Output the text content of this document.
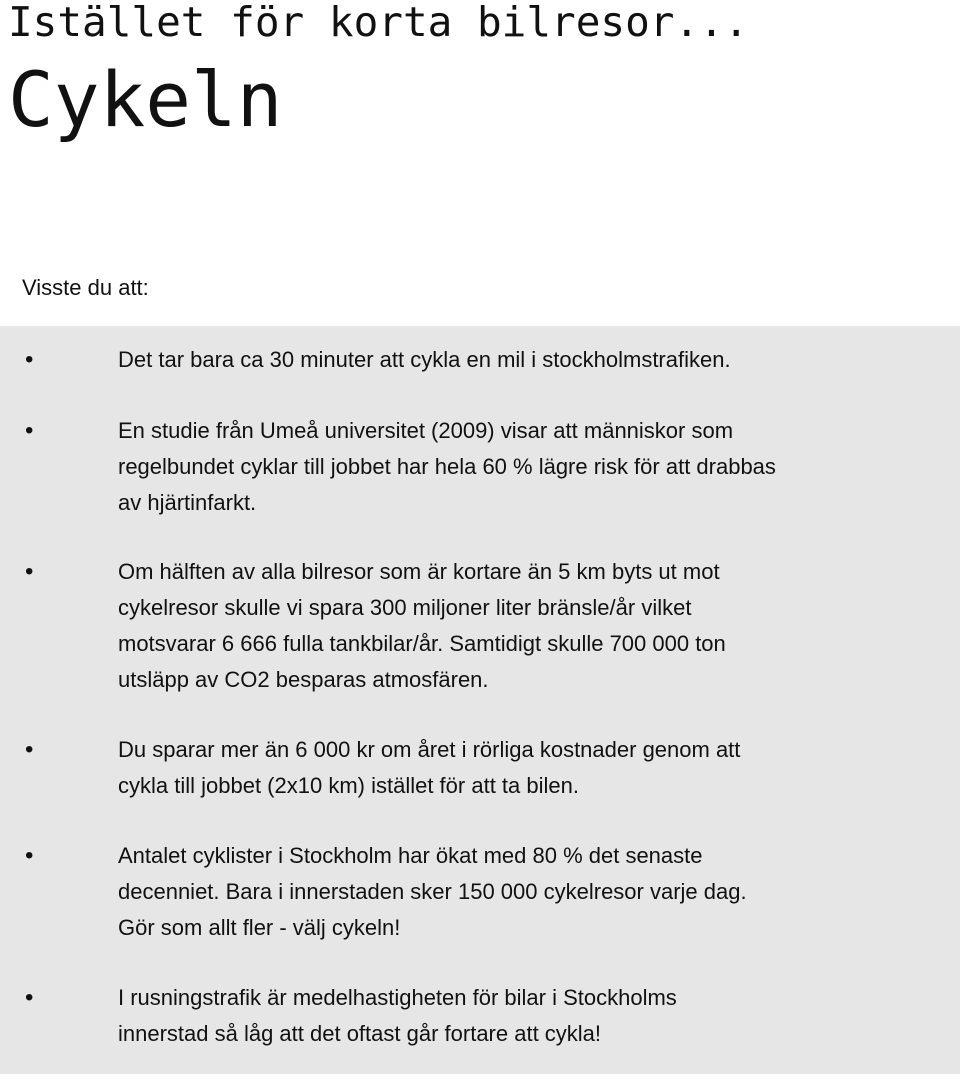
Istället för korta bilresor...
Cykeln
Visste du att:
•	Det tar bara ca 30 minuter att cykla en mil i stockholmstrafiken.
•	En studie från Umeå universitet (2009) visar att människor som
regelbundet cyklar till jobbet har hela 60 % lägre risk för att drabbas
av hjärtinfarkt.
•	Om hälften av alla bilresor som är kortare än 5 km byts ut mot
cykelresor skulle vi spara 300 miljoner liter bränsle/år vilket
motsvarar 6 666 fulla tankbilar/år. Samtidigt skulle 700 000 ton
utsläpp av CO2 besparas atmosfären.
•	Du sparar mer än 6 000 kr om året i rörliga kostnader genom att
cykla till jobbet (2x10 km) istället för att ta bilen.
•	Antalet cyklister i Stockholm har ökat med 80 % det senaste
decenniet. Bara i innerstaden sker 150 000 cykelresor varje dag.
Gör som allt fler - välj cykeln!
•	I rusningstrafik är medelhastigheten för bilar i Stockholms
innerstad så låg att det oftast går fortare att cykla!
